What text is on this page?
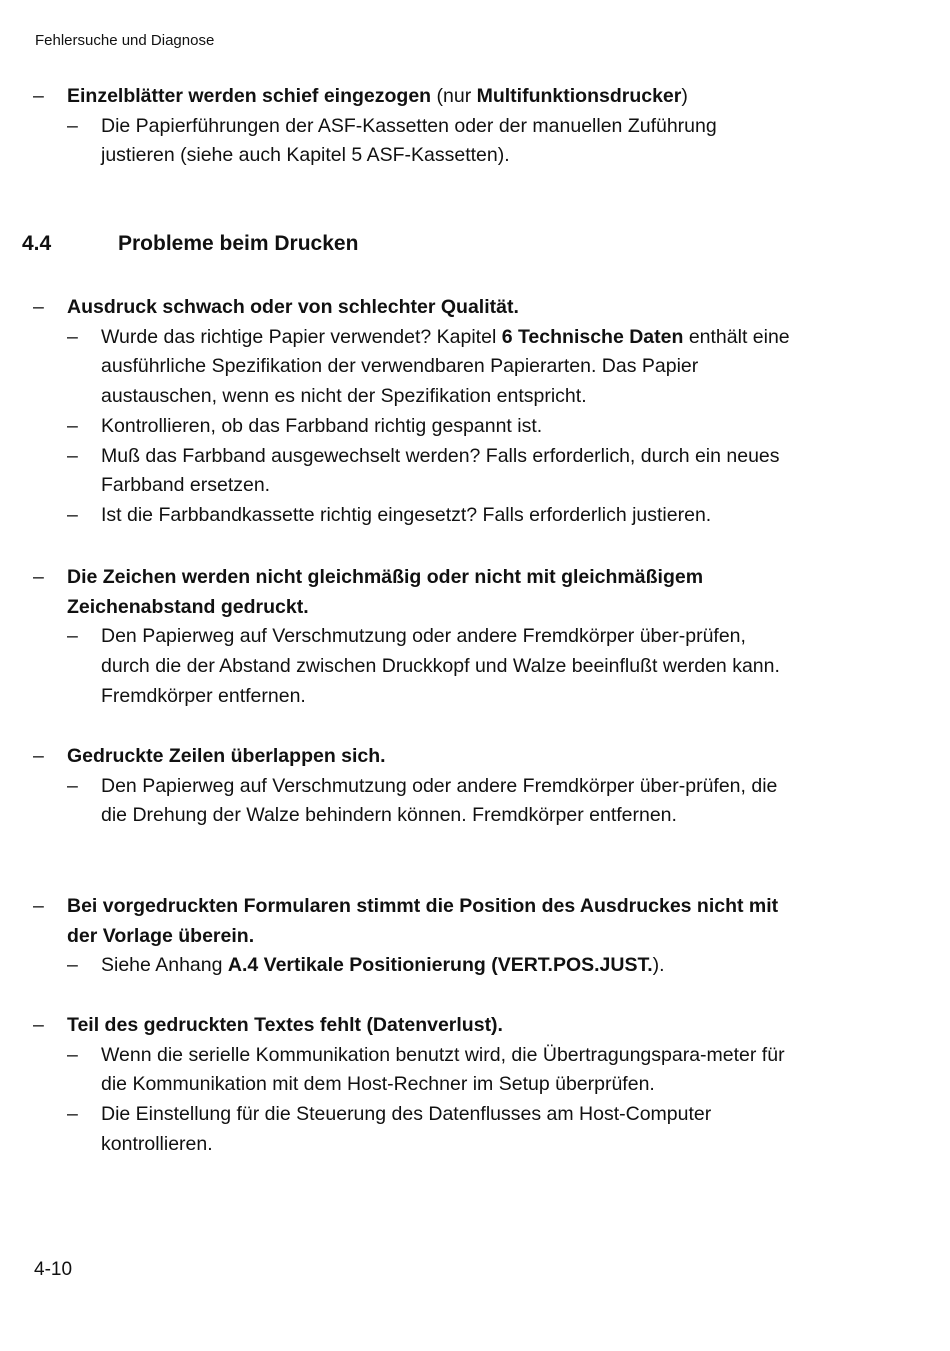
Fehlersuche und Diagnose
– Einzelblätter werden schief eingezogen (nur Multifunktionsdrucker)
– Die Papierführungen der ASF-Kassetten oder der manuellen Zuführung justieren (siehe auch Kapitel 5 ASF-Kassetten).
4.4	Probleme beim Drucken
– Ausdruck schwach oder von schlechter Qualität.
– Wurde das richtige Papier verwendet? Kapitel 6 Technische Daten enthält eine ausführliche Spezifikation der verwendbaren Papierarten. Das Papier austauschen, wenn es nicht der Spezifikation entspricht.
– Kontrollieren, ob das Farbband richtig gespannt ist.
– Muß das Farbband ausgewechselt werden? Falls erforderlich, durch ein neues Farbband ersetzen.
– Ist die Farbbandkassette richtig eingesetzt? Falls erforderlich justieren.
– Die Zeichen werden nicht gleichmäßig oder nicht mit gleichmäßigem Zeichenabstand gedruckt.
– Den Papierweg auf Verschmutzung oder andere Fremdkörper über-prüfen, durch die der Abstand zwischen Druckkopf und Walze beeinflußt werden kann. Fremdkörper entfernen.
– Gedruckte Zeilen überlappen sich.
– Den Papierweg auf Verschmutzung oder andere Fremdkörper über-prüfen, die die Drehung der Walze behindern können. Fremdkörper entfernen.
– Bei vorgedruckten Formularen stimmt die Position des Ausdruckes nicht mit der Vorlage überein.
– Siehe Anhang A.4 Vertikale Positionierung (VERT.POS.JUST.).
– Teil des gedruckten Textes fehlt (Datenverlust).
– Wenn die serielle Kommunikation benutzt wird, die Übertragungspara-meter für die Kommunikation mit dem Host-Rechner im Setup überprüfen.
– Die Einstellung für die Steuerung des Datenflusses am Host-Computer kontrollieren.
4-10
